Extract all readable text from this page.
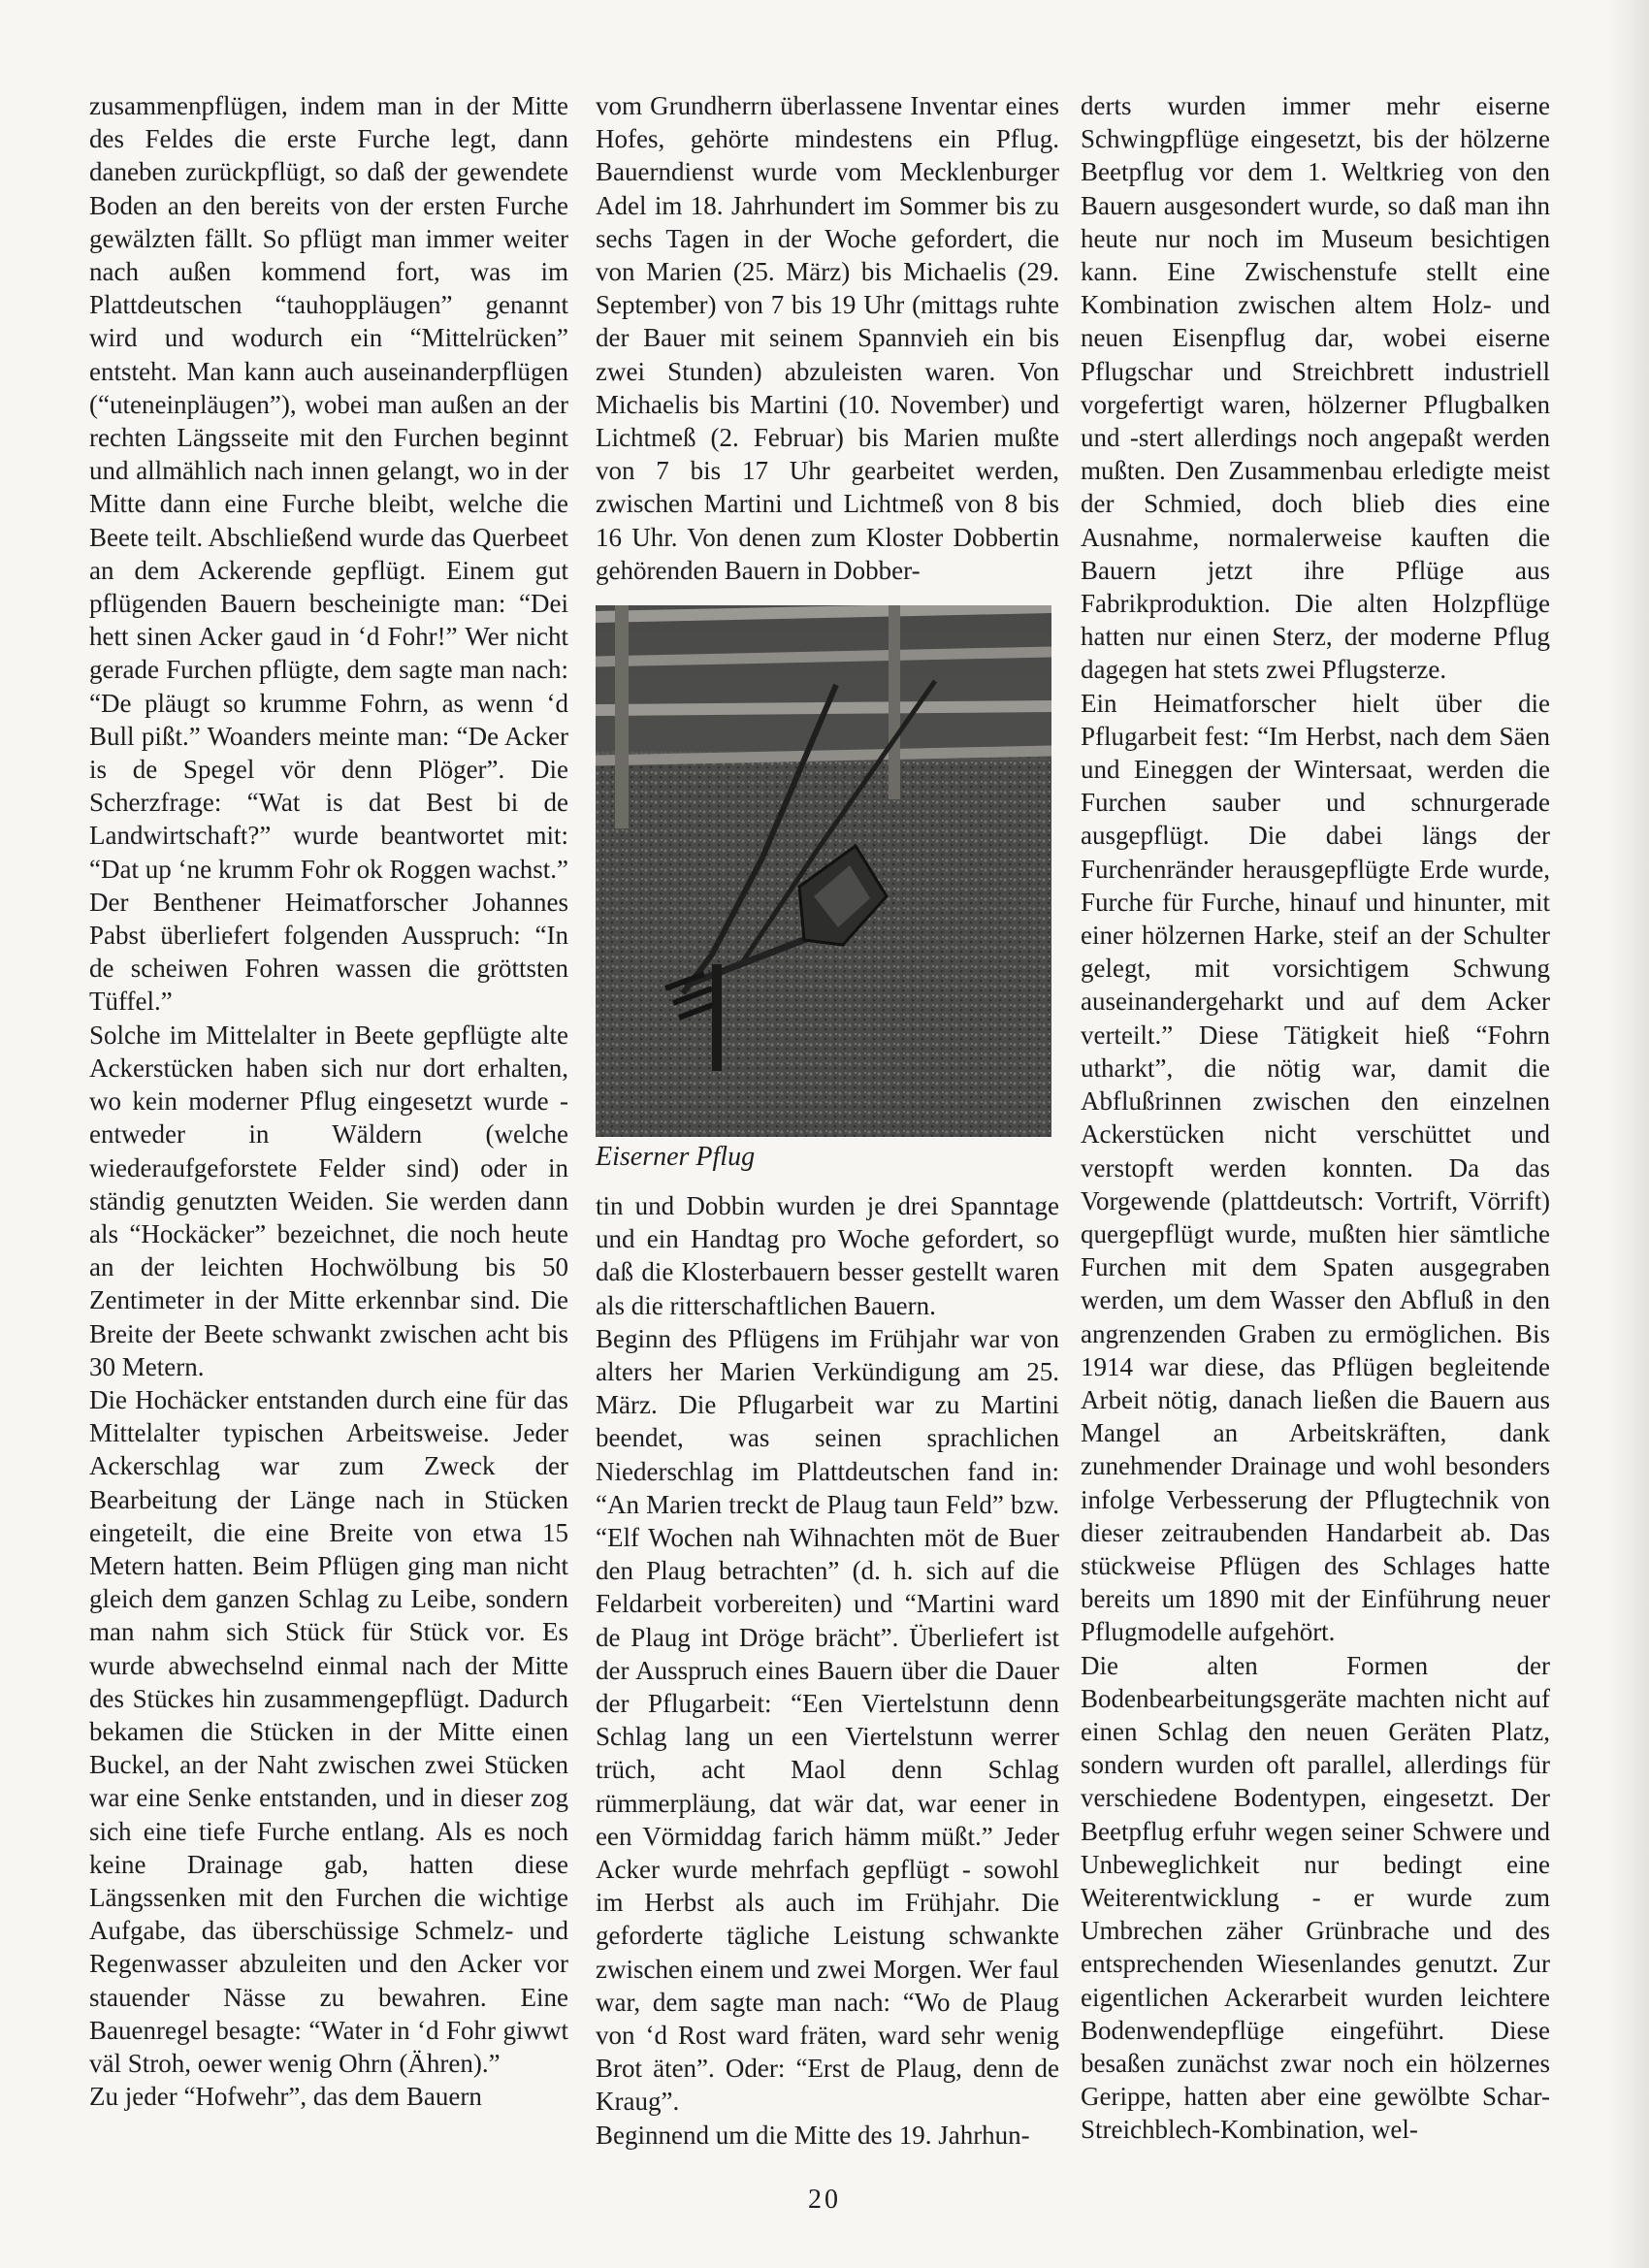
zusammenpflügen, indem man in der Mitte des Feldes die erste Furche legt, dann daneben zurückpflügt, so daß der gewendete Boden an den bereits von der ersten Furche gewälzten fällt. So pflügt man immer weiter nach außen kommend fort, was im Plattdeutschen “tauhoppläugen” genannt wird und wodurch ein “Mittelrücken” entsteht. Man kann auch auseinanderpflügen (“uteneinpläugen”), wobei man außen an der rechten Längsseite mit den Furchen beginnt und allmählich nach innen gelangt, wo in der Mitte dann eine Furche bleibt, welche die Beete teilt. Abschließend wurde das Querbeet an dem Ackerende gepflügt. Einem gut pflügenden Bauern bescheinigte man: “Dei hett sinen Acker gaud in ‘d Fohr!” Wer nicht gerade Furchen pflügte, dem sagte man nach: “De pläugt so krumme Fohrn, as wenn ‘d Bull pißt.” Woanders meinte man: “De Acker is de Spegel vör denn Plöger”. Die Scherzfrage: “Wat is dat Best bi de Landwirtschaft?” wurde beantwortet mit: “Dat up ‘ne krumm Fohr ok Roggen wachst.” Der Benthener Heimatforscher Johannes Pabst überliefert folgenden Ausspruch: “In de scheiwen Fohren wassen die gröttsten Tüffel.”

Solche im Mittelalter in Beete gepflügte alte Ackerstücken haben sich nur dort erhalten, wo kein moderner Pflug eingesetzt wurde - entweder in Wäldern (welche wiederaufgeforstete Felder sind) oder in ständig genutzten Weiden. Sie werden dann als “Hockäcker” bezeichnet, die noch heute an der leichten Hochwölbung bis 50 Zentimeter in der Mitte erkennbar sind. Die Breite der Beete schwankt zwischen acht bis 30 Metern.

Die Hochäcker entstanden durch eine für das Mittelalter typischen Arbeitsweise. Jeder Ackerschlag war zum Zweck der Bearbeitung der Länge nach in Stücken eingeteilt, die eine Breite von etwa 15 Metern hatten. Beim Pflügen ging man nicht gleich dem ganzen Schlag zu Leibe, sondern man nahm sich Stück für Stück vor. Es wurde abwechselnd einmal nach der Mitte des Stückes hin zusammengepflügt. Dadurch bekamen die Stücken in der Mitte einen Buckel, an der Naht zwischen zwei Stücken war eine Senke entstanden, und in dieser zog sich eine tiefe Furche entlang. Als es noch keine Drainage gab, hatten diese Längssenken mit den Furchen die wichtige Aufgabe, das überschüssige Schmelz- und Regenwasser abzuleiten und den Acker vor stauender Nässe zu bewahren. Eine Bauenregel besagte: “Water in ‘d Fohr giwwt väl Stroh, oewer wenig Ohrn (Ähren).”

Zu jeder “Hofwehr”, das dem Bauern

vom Grundherrn überlassene Inventar eines Hofes, gehörte mindestens ein Pflug. Bauerndienst wurde vom Mecklenburger Adel im 18. Jahrhundert im Sommer bis zu sechs Tagen in der Woche gefordert, die von Marien (25. März) bis Michaelis (29. September) von 7 bis 19 Uhr (mittags ruhte der Bauer mit seinem Spannvieh ein bis zwei Stunden) abzuleisten waren. Von Michaelis bis Martini (10. November) und Lichtmeß (2. Februar) bis Marien mußte von 7 bis 17 Uhr gearbeitet werden, zwischen Martini und Lichtmeß von 8 bis 16 Uhr. Von denen zum Kloster Dobbertin gehörenden Bauern in Dobber-

Eiserner Pflug

tin und Dobbin wurden je drei Spanntage und ein Handtag pro Woche gefordert, so daß die Klosterbauern besser gestellt waren als die ritterschaftlichen Bauern.

Beginn des Pflügens im Frühjahr war von alters her Marien Verkündigung am 25. März. Die Pflugarbeit war zu Martini beendet, was seinen sprachlichen Niederschlag im Plattdeutschen fand in: “An Marien treckt de Plaug taun Feld” bzw. “Elf Wochen nah Wihnachten möt de Buer den Plaug betrachten” (d. h. sich auf die Feldarbeit vorbereiten) und “Martini ward de Plaug int Dröge brächt”. Überliefert ist der Ausspruch eines Bauern über die Dauer der Pflugarbeit: “Een Viertelstunn denn Schlag lang un een Viertelstunn werrer trüch, acht Maol denn Schlag rümmerpläung, dat wär dat, war eener in een Vörmiddag farich hämm müßt.” Jeder Acker wurde mehrfach gepflügt - sowohl im Herbst als auch im Frühjahr. Die geforderte tägliche Leistung schwankte zwischen einem und zwei Morgen. Wer faul war, dem sagte man nach: “Wo de Plaug von ‘d Rost ward fräten, ward sehr wenig Brot äten”. Oder: “Erst de Plaug, denn de Kraug”.

Beginnend um die Mitte des 19. Jahrhun-

derts wurden immer mehr eiserne Schwingpflüge eingesetzt, bis der hölzerne Beetpflug vor dem 1. Weltkrieg von den Bauern ausgesondert wurde, so daß man ihn heute nur noch im Museum besichtigen kann. Eine Zwischenstufe stellt eine Kombination zwischen altem Holz- und neuen Eisenpflug dar, wobei eiserne Pflugschar und Streichbrett industriell vorgefertigt waren, hölzerner Pflugbalken und -stert allerdings noch angepaßt werden mußten. Den Zusammenbau erledigte meist der Schmied, doch blieb dies eine Ausnahme, normalerweise kauften die Bauern jetzt ihre Pflüge aus Fabrikproduktion. Die alten Holzpflüge hatten nur einen Sterz, der moderne Pflug dagegen hat stets zwei Pflugsterze.

Ein Heimatforscher hielt über die Pflugarbeit fest: “Im Herbst, nach dem Säen und Eineggen der Wintersaat, werden die Furchen sauber und schnurgerade ausgepflügt. Die dabei längs der Furchenränder herausgepflügte Erde wurde, Furche für Furche, hinauf und hinunter, mit einer hölzernen Harke, steif an der Schulter gelegt, mit vorsichtigem Schwung auseinandergeharkt und auf dem Acker verteilt.” Diese Tätigkeit hieß “Fohrn utharkt”, die nötig war, damit die Abflußrinnen zwischen den einzelnen Ackerstücken nicht verschüttet und verstopft werden konnten. Da das Vorgewende (plattdeutsch: Vortrift, Vörrift) quergepflügt wurde, mußten hier sämtliche Furchen mit dem Spaten ausgegraben werden, um dem Wasser den Abfluß in den angrenzenden Graben zu ermöglichen. Bis 1914 war diese, das Pflügen begleitende Arbeit nötig, danach ließen die Bauern aus Mangel an Arbeitskräften, dank zunehmender Drainage und wohl besonders infolge Verbesserung der Pflugtechnik von dieser zeitraubenden Handarbeit ab. Das stückweise Pflügen des Schlages hatte bereits um 1890 mit der Einführung neuer Pflugmodelle aufgehört.

Die alten Formen der Bodenbearbeitungsgeräte machten nicht auf einen Schlag den neuen Geräten Platz, sondern wurden oft parallel, allerdings für verschiedene Bodentypen, eingesetzt. Der Beetpflug erfuhr wegen seiner Schwere und Unbeweglichkeit nur bedingt eine Weiterentwicklung - er wurde zum Umbrechen zäher Grünbrache und des entsprechenden Wiesenlandes genutzt. Zur eigentlichen Ackerarbeit wurden leichtere Bodenwendepflüge eingeführt. Diese besaßen zunächst zwar noch ein hölzernes Gerippe, hatten aber eine gewölbte Schar-Streichblech-Kombination, wel-

20
